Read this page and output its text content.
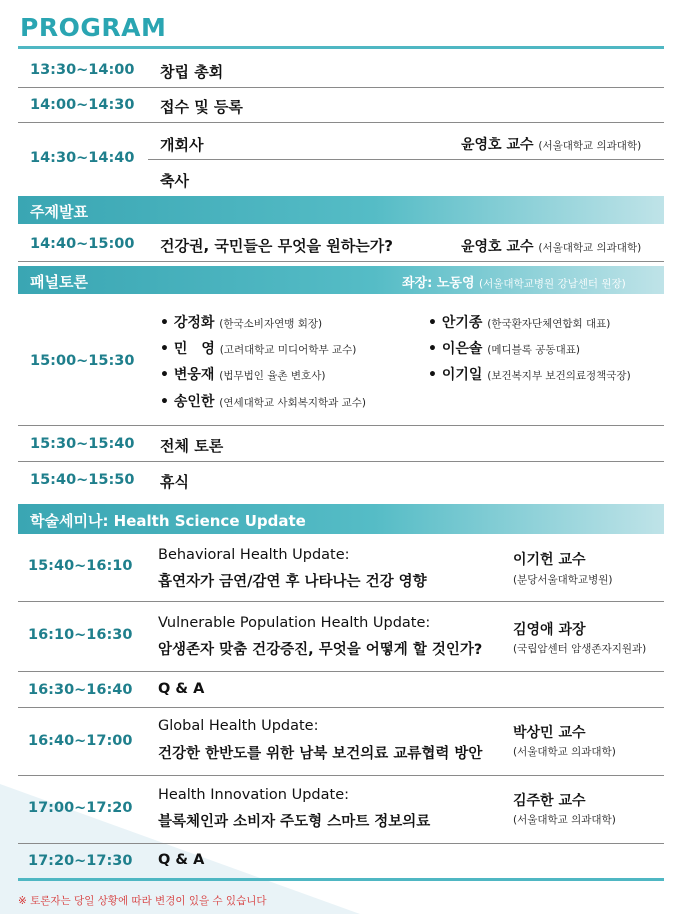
PROGRAM
13:30~14:00 창립 총회
14:00~14:30 접수 및 등록
14:30~14:40
개회사	윤영호 교수 (서울대학교 의과대학)
축사
주제발표
14:40~15:00 건강권, 국민들은 무엇을 원하는가?	윤영호 교수 (서울대학교 의과대학)
패널토론	좌장: 노동영 (서울대학교병원 강남센터 원장)
15:00~15:30
• 강정화 (한국소비자연맹 회장)
• 민　영 (고려대학교 미디어학부 교수)
• 변웅재 (법무법인 율촌 변호사)
• 송인한 (연세대학교 사회복지학과 교수)
• 안기종 (한국환자단체연합회 대표)
• 이은솔 (메디블록 공동대표)
• 이기일 (보건복지부 보건의료정책국장)
15:30~15:40 전체 토론
15:40~15:50 휴식
학술세미나: Health Science Update
15:40~16:10
Behavioral Health Update:
흡연자가 금연/감연 후 나타나는 건강 영향
이기헌 교수
(분당서울대학교병원)
16:10~16:30
Vulnerable Population Health Update:
암생존자 맞춤 건강증진, 무엇을 어떻게 할 것인가?
김영애 과장
(국립암센터 암생존자지원과)
16:30~16:40 Q & A
16:40~17:00
Global Health Update:
건강한 한반도를 위한 남북 보건의료 교류협력 방안
박상민 교수
(서울대학교 의과대학)
17:00~17:20
Health Innovation Update:
블록체인과 소비자 주도형 스마트 정보의료
김주한 교수
(서울대학교 의과대학)
17:20~17:30 Q & A
※ 토론자는 당일 상황에 따라 변경이 있을 수 있습니다
